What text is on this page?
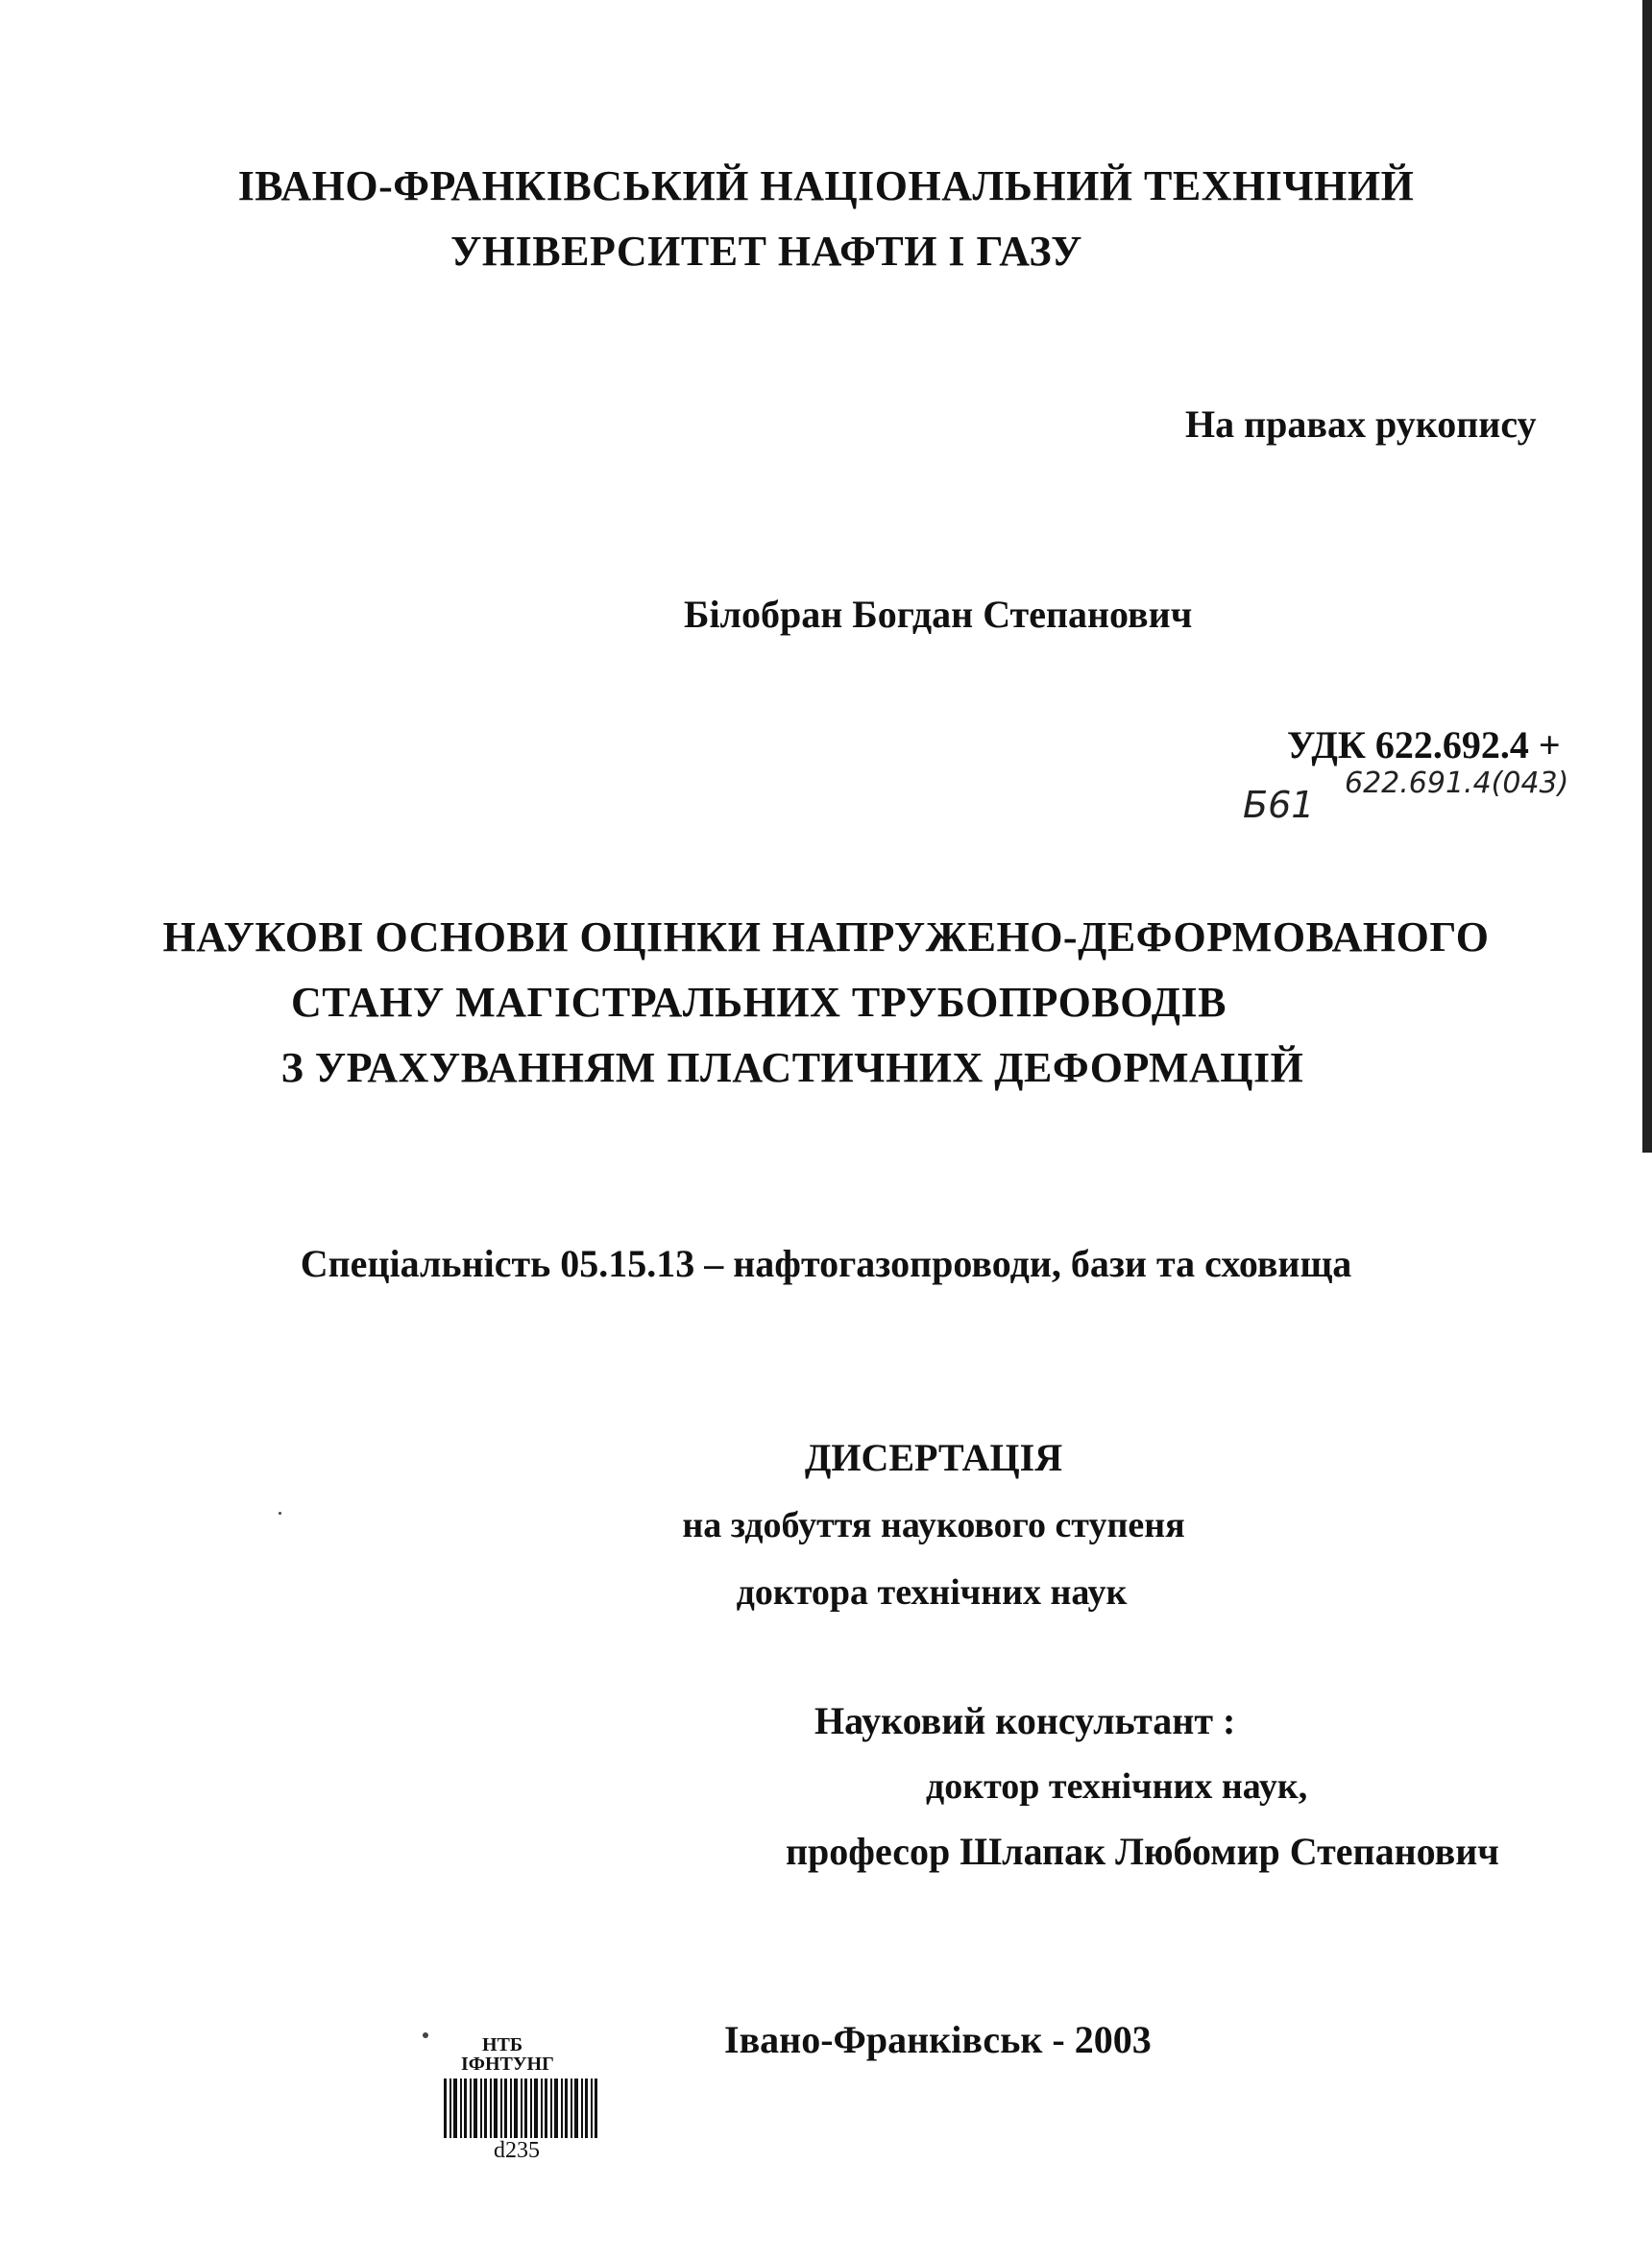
ІВАНО-ФРАНКІВСЬКИЙ НАЦІОНАЛЬНИЙ ТЕХНІЧНИЙ
УНІВЕРСИТЕТ НАФТИ І ГАЗУ
На правах рукопису
Білобран Богдан Степанович
УДК 622.692.4 +
622.691.4(043)
Б61
НАУКОВІ ОСНОВИ ОЦІНКИ НАПРУЖЕНО-ДЕФОРМОВАНОГО
СТАНУ МАГІСТРАЛЬНИХ ТРУБОПРОВОДІВ
З УРАХУВАННЯМ ПЛАСТИЧНИХ ДЕФОРМАЦІЙ
Спеціальність 05.15.13 – нафтогазопроводи, бази та сховища
ДИСЕРТАЦІЯ
на здобуття наукового ступеня
доктора технічних наук
Науковий консультант :
доктор технічних наук,
професор Шлапак Любомир Степанович
Івано-Франківськ - 2003
НТБ
ІФНТУНГ
d235
